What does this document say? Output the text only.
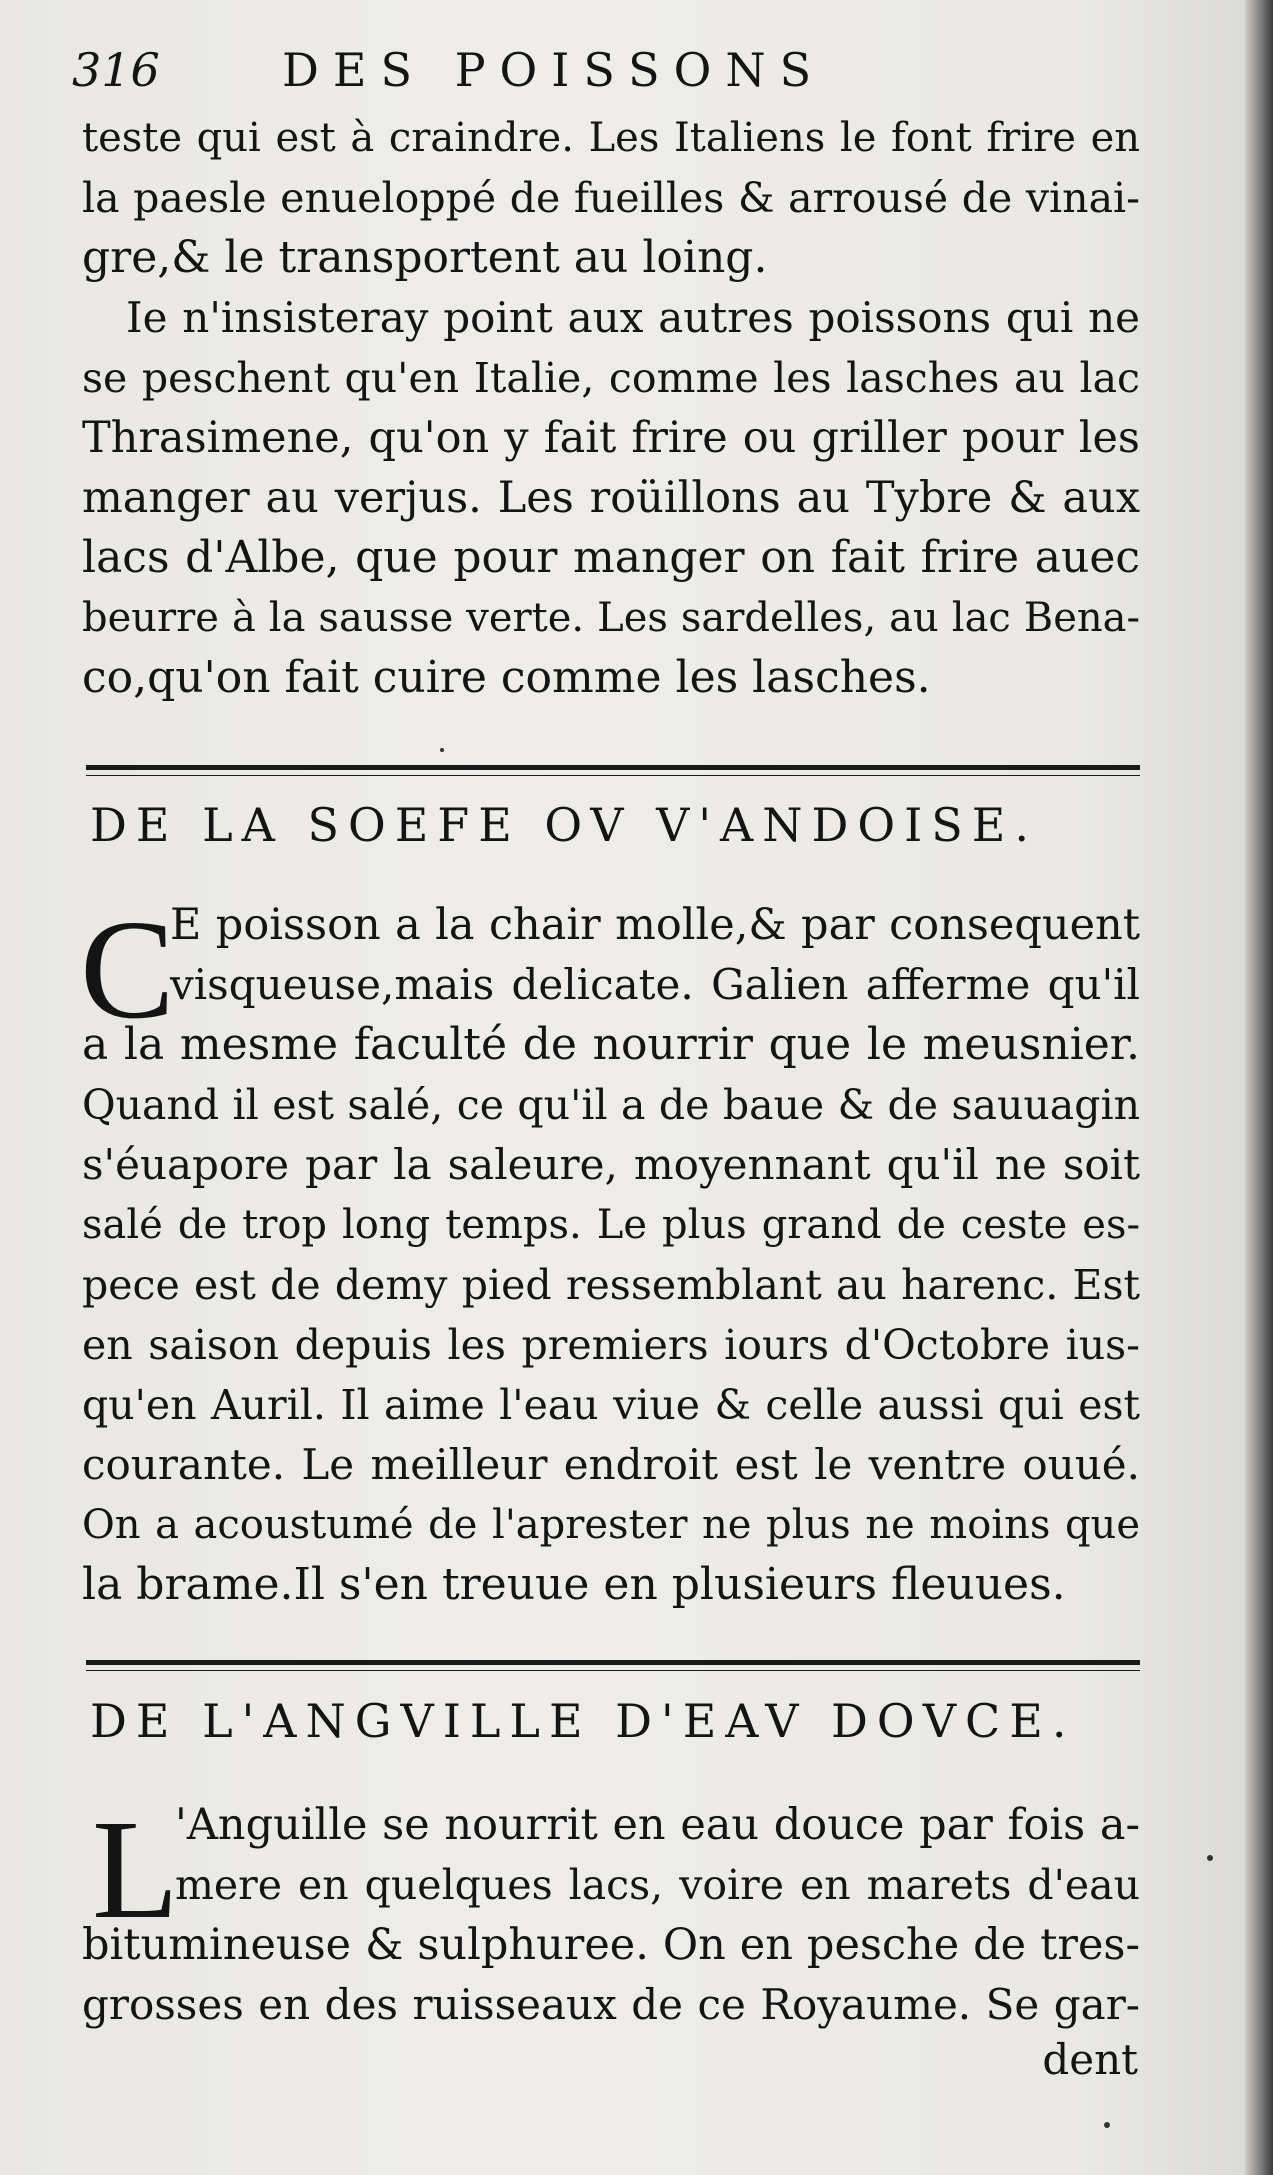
316	DES POISSONS
teste qui est à craindre. Les Italiens le font frire en
la paesle enueloppé de fueilles & arrousé de vinai-
gre,& le transportent au loing.
Ie n'insisteray point aux autres poissons qui ne
se peschent qu'en Italie, comme les lasches au lac
Thrasimene, qu'on y fait frire ou griller pour les
manger au verjus. Les roüillons au Tybre & aux
lacs d'Albe, que pour manger on fait frire auec
beurre à la sausse verte. Les sardelles, au lac Bena-
co,qu'on fait cuire comme les lasches.
DE LA SOEFE OV V'ANDOISE.
C
E poisson a la chair molle,& par consequent
visqueuse,mais delicate. Galien afferme qu'il
a la mesme faculté de nourrir que le meusnier.
Quand il est salé, ce qu'il a de baue & de sauuagin
s'éuapore par la saleure, moyennant qu'il ne soit
salé de trop long temps. Le plus grand de ceste es-
pece est de demy pied ressemblant au harenc. Est
en saison depuis les premiers iours d'Octobre ius-
qu'en Auril. Il aime l'eau viue & celle aussi qui est
courante. Le meilleur endroit est le ventre ouué.
On a acoustumé de l'aprester ne plus ne moins que
la brame.Il s'en treuue en plusieurs fleuues.
DE L'ANGVILLE D'EAV DOVCE.
L
'Anguille se nourrit en eau douce par fois a-
mere en quelques lacs, voire en marets d'eau
bitumineuse & sulphuree. On en pesche de tres-
grosses en des ruisseaux de ce Royaume. Se gar-
dent
